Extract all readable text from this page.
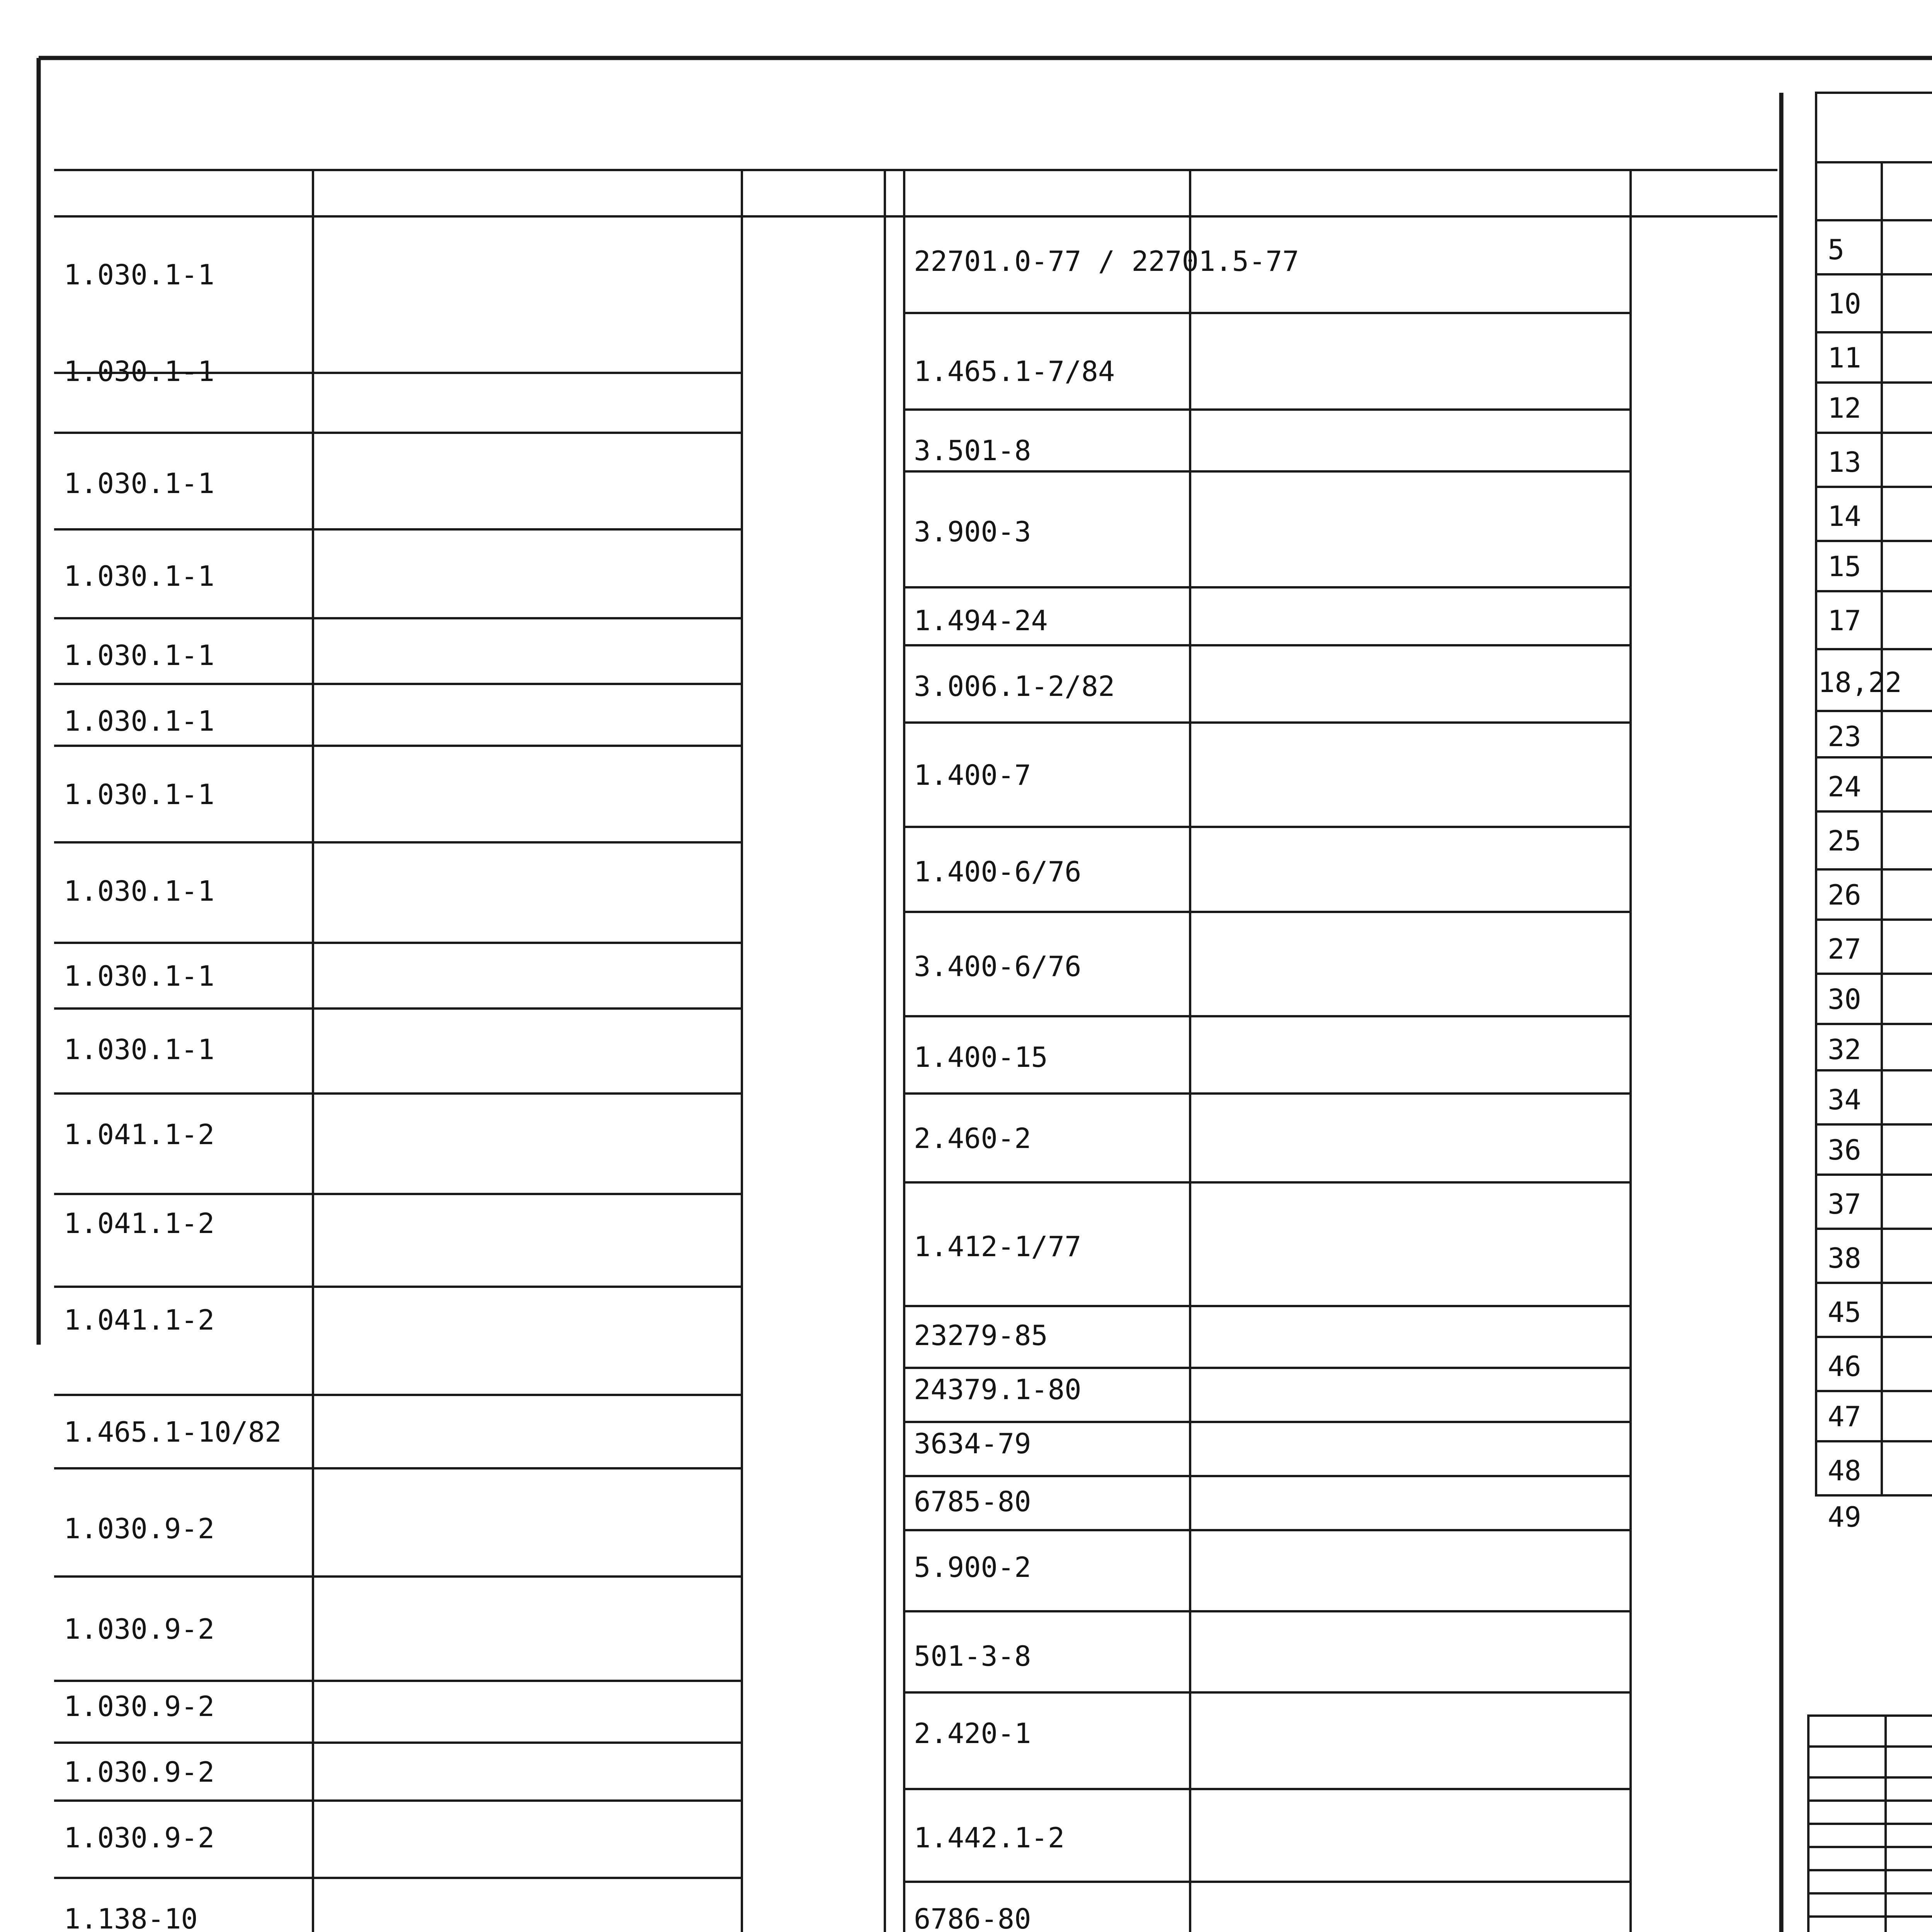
1.030.1-1
1.030.1-1
1.030.1-1
1.030.1-1
1.030.1-1
1.030.1-1
1.030.1-1
1.030.1-1
1.030.1-1
1.030.1-1
1.041.1-2
1.041.1-2
1.041.1-2
1.465.1-10/82
1.030.9-2
1.030.9-2
1.030.9-2
1.030.9-2
1.030.9-2
1.138-10
22701.0-77 / 22701.5-77
1.465.1-7/84
3.501-8
3.900-3
1.494-24
3.006.1-2/82
1.400-7
1.400-6/76
3.400-6/76
1.400-15
2.460-2
1.412-1/77
23279-85
24379.1-80
3634-79
6785-80
5.900-2
501-3-8
2.420-1
1.442.1-2
6786-80
5
10
11
12
13
14
15
17
18,22
23
24
25
26
27
30
32
34
36
37
38
45
46
47
48
49
